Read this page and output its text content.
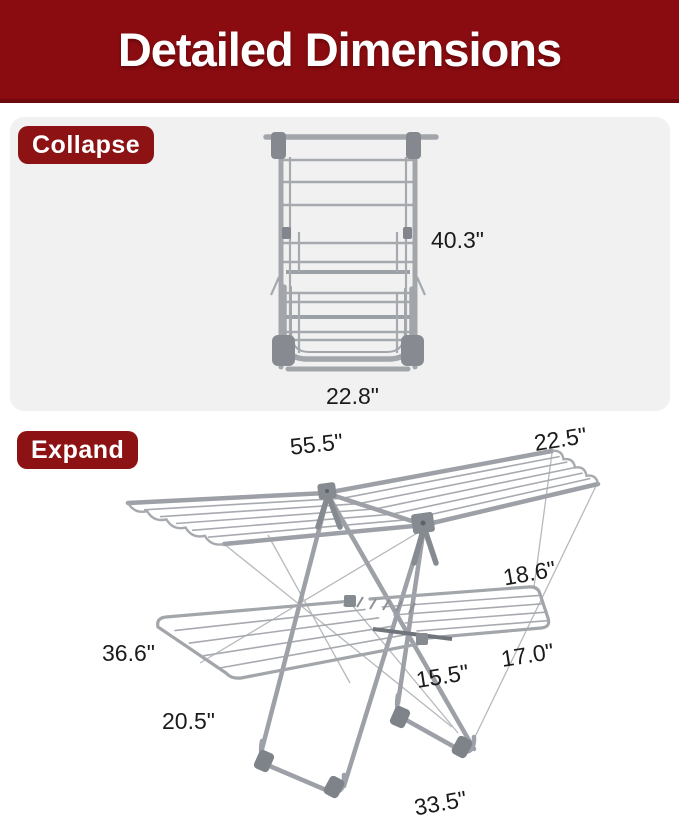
Detailed Dimensions
Collapse
Expand
40.3"
22.8"
55.5"	22.5"
18.6"
36.6"	17.0"
15.5"
20.5"
33.5"
